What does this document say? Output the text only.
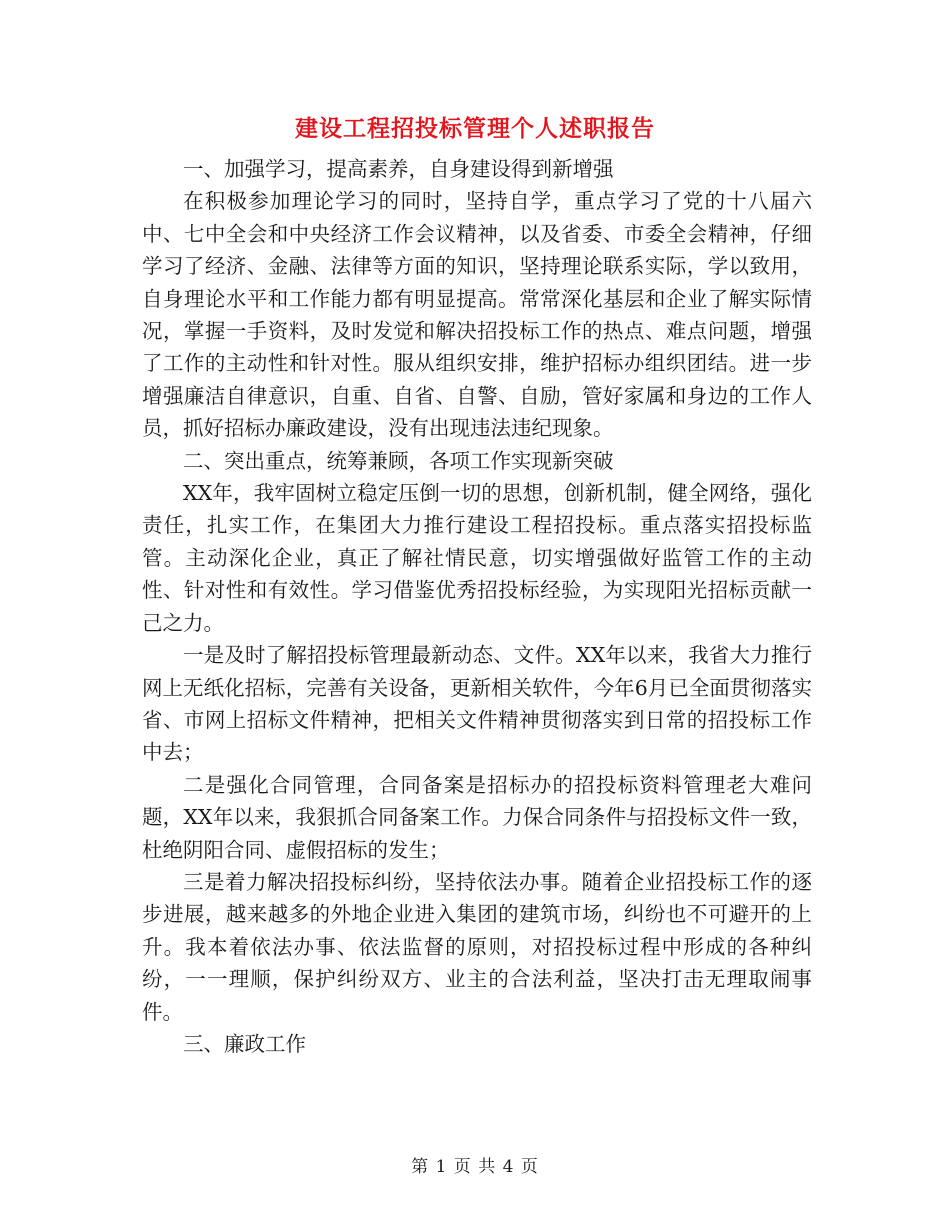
建设工程招投标管理个人述职报告

一、加强学习，提高素养，自身建设得到新增强

在积极参加理论学习的同时，坚持自学，重点学习了党的十八届六中、七中全会和中央经济工作会议精神，以及省委、市委全会精神，仔细学习了经济、金融、法律等方面的知识，坚持理论联系实际，学以致用，自身理论水平和工作能力都有明显提高。常常深化基层和企业了解实际情况，掌握一手资料，及时发觉和解决招投标工作的热点、难点问题，增强了工作的主动性和针对性。服从组织安排，维护招标办组织团结。进一步增强廉洁自律意识，自重、自省、自警、自励，管好家属和身边的工作人员，抓好招标办廉政建设，没有出现违法违纪现象。

二、突出重点，统筹兼顾，各项工作实现新突破

XX年，我牢固树立稳定压倒一切的思想，创新机制，健全网络，强化责任，扎实工作，在集团大力推行建设工程招投标。重点落实招投标监管。主动深化企业，真正了解社情民意，切实增强做好监管工作的主动性、针对性和有效性。学习借鉴优秀招投标经验，为实现阳光招标贡献一己之力。

一是及时了解招投标管理最新动态、文件。XX年以来，我省大力推行网上无纸化招标，完善有关设备，更新相关软件，今年6月已全面贯彻落实省、市网上招标文件精神，把相关文件精神贯彻落实到日常的招投标工作中去；

二是强化合同管理，合同备案是招标办的招投标资料管理老大难问题，XX年以来，我狠抓合同备案工作。力保合同条件与招投标文件一致，杜绝阴阳合同、虚假招标的发生；

三是着力解决招投标纠纷，坚持依法办事。随着企业招投标工作的逐步进展，越来越多的外地企业进入集团的建筑市场，纠纷也不可避开的上升。我本着依法办事、依法监督的原则，对招投标过程中形成的各种纠纷，一一理顺，保护纠纷双方、业主的合法利益，坚决打击无理取闹事件。

三、廉政工作

第 1 页 共 4 页
